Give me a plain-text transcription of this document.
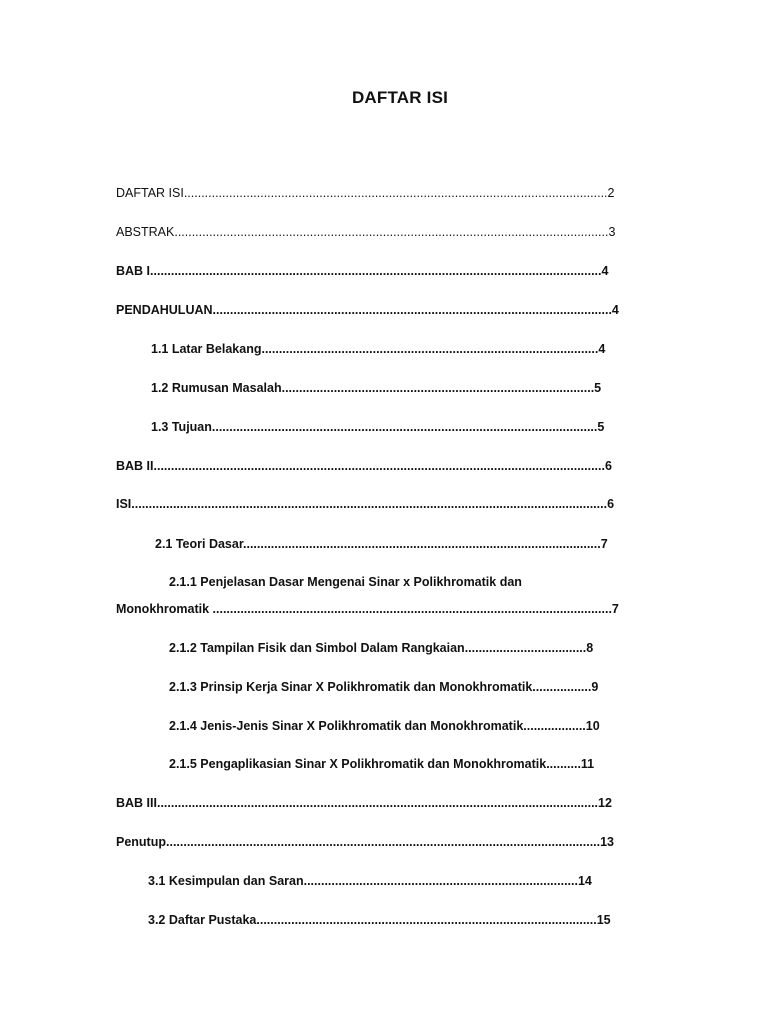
DAFTAR ISI
DAFTAR ISI..........................................................................................................................2
ABSTRAK.............................................................................................................................3
BAB I..................................................................................................................................4
PENDAHULUAN...................................................................................................................4
1.1 Latar Belakang.................................................................................................4
1.2 Rumusan Masalah..........................................................................................5
1.3 Tujuan...............................................................................................................5
BAB II..................................................................................................................................6
ISI.........................................................................................................................................6
2.1 Teori Dasar.......................................................................................................7
2.1.1 Penjelasan Dasar Mengenai Sinar x Polikhromatik dan
Monokhromatik ...................................................................................................................7
2.1.2 Tampilan Fisik dan Simbol Dalam Rangkaian...................................8
2.1.3 Prinsip Kerja Sinar X Polikhromatik dan Monokhromatik.................9
2.1.4 Jenis-Jenis Sinar X Polikhromatik dan Monokhromatik..................10
2.1.5 Pengaplikasian Sinar X Polikhromatik dan Monokhromatik..........11
BAB III...............................................................................................................................12
Penutup.............................................................................................................................13
3.1 Kesimpulan dan Saran...............................................................................14
3.2 Daftar Pustaka..................................................................................................15
